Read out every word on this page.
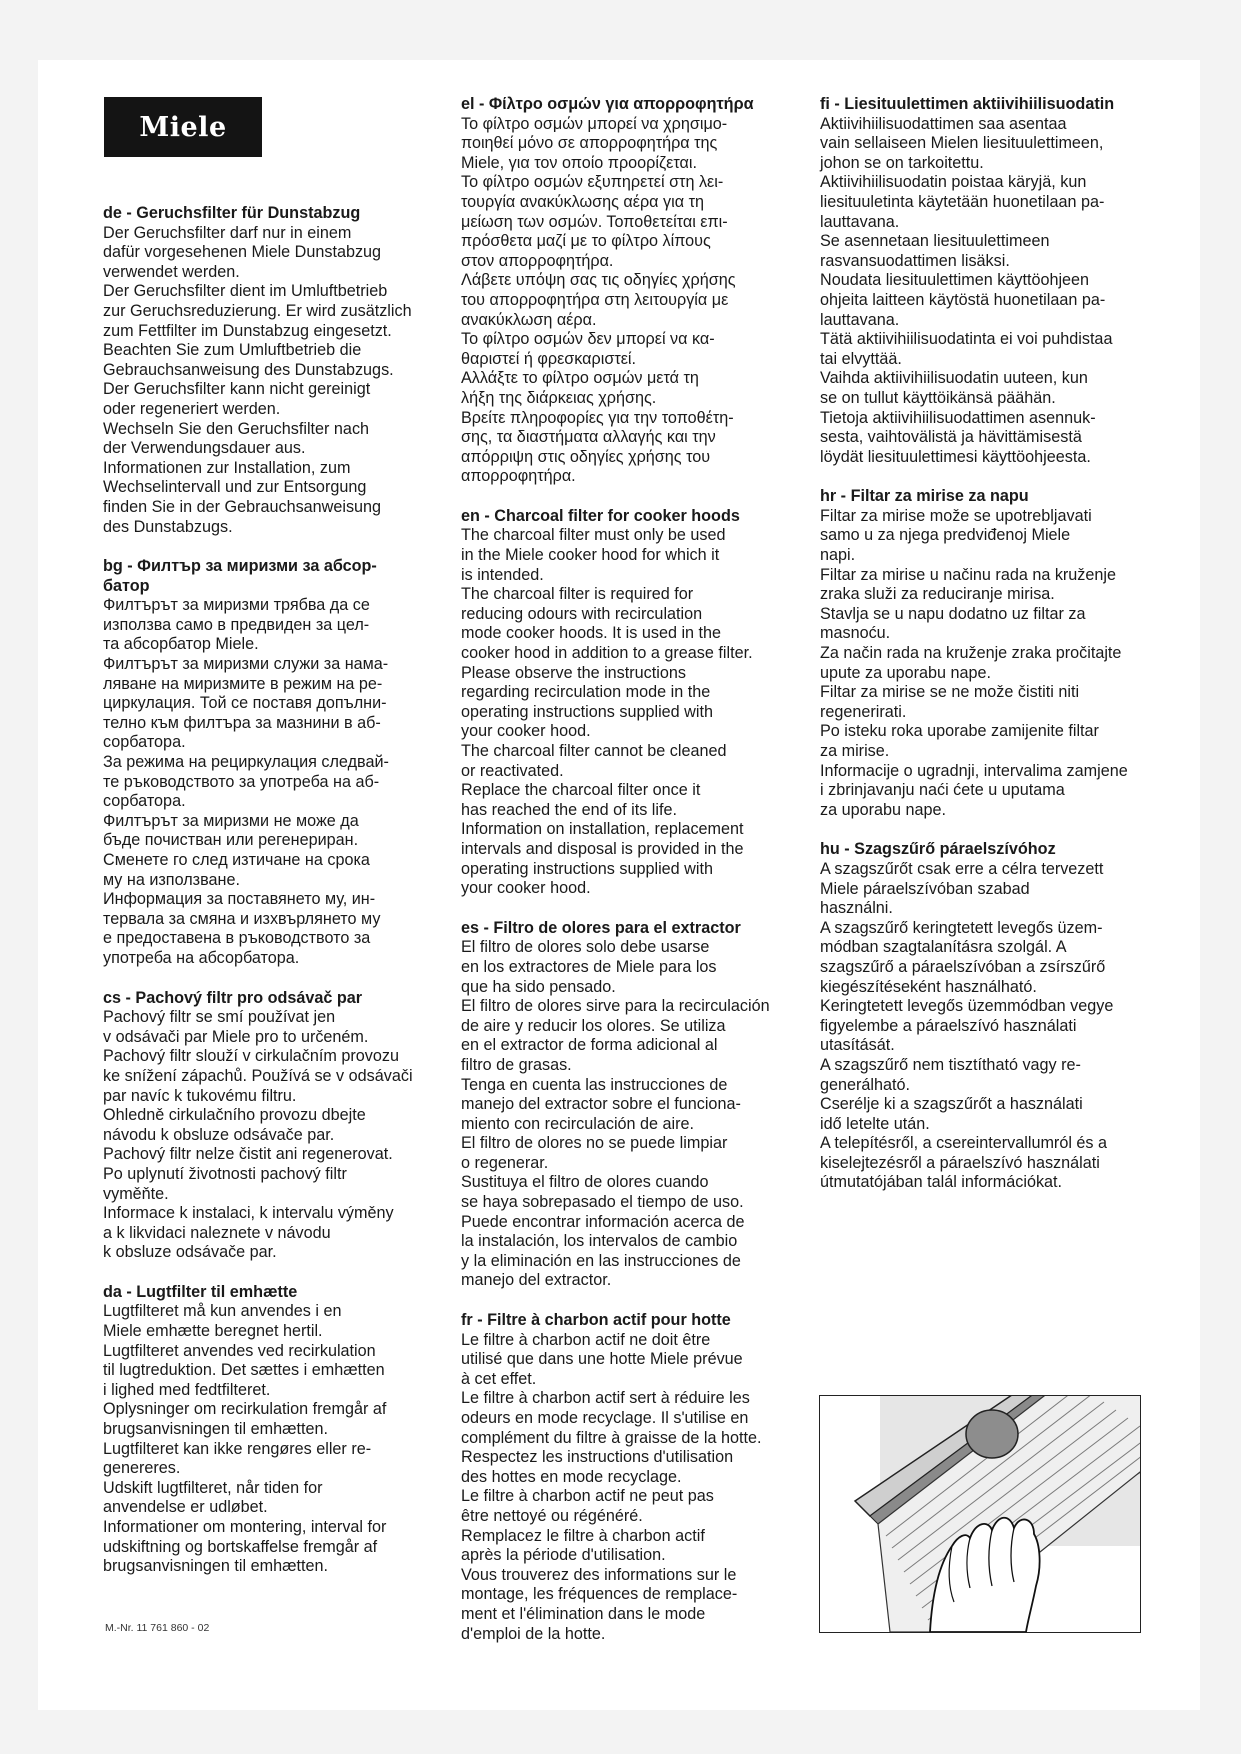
Miele
de - Geruchsfilter für Dunstabzug
Der Geruchsfilter darf nur in einem
dafür vorgesehenen Miele Dunstabzug
verwendet werden.
Der Geruchsfilter dient im Umluftbetrieb
zur Geruchsreduzierung. Er wird zusätzlich
zum Fettfilter im Dunstabzug eingesetzt.
Beachten Sie zum Umluftbetrieb die
Gebrauchsanweisung des Dunstabzugs.
Der Geruchsfilter kann nicht gereinigt
oder regeneriert werden.
Wechseln Sie den Geruchsfilter nach
der Verwendungsdauer aus.
Informationen zur Installation, zum
Wechselintervall und zur Entsorgung
finden Sie in der Gebrauchsanweisung
des Dunstabzugs.
bg - Филтър за миризми за абсор-
батор
Филтърът за миризми трябва да се
използва само в предвиден за цел-
та абсорбатор Miele.
Филтърът за миризми служи за нама-
ляване на миризмите в режим на ре-
циркулация. Той се поставя допълни-
телно към филтъра за мазнини в аб-
сорбатора.
За режима на рециркулация следвай-
те ръководството за употреба на аб-
сорбатора.
Филтърът за миризми не може да
бъде почистван или регенериран.
Сменете го след изтичане на срока
му на използване.
Информация за поставянето му, ин-
тервала за смяна и изхвърлянето му
е предоставена в ръководството за
употреба на абсорбатора.
cs - Pachový filtr pro odsávač par
Pachový filtr se smí používat jen
v odsávači par Miele pro to určeném.
Pachový filtr slouží v cirkulačním provozu
ke snížení zápachů. Používá se v odsávači
par navíc k tukovému filtru.
Ohledně cirkulačního provozu dbejte
návodu k obsluze odsávače par.
Pachový filtr nelze čistit ani regenerovat.
Po uplynutí životnosti pachový filtr
vyměňte.
Informace k instalaci, k intervalu výměny
a k likvidaci naleznete v návodu
k obsluze odsávače par.
da - Lugtfilter til emhætte
Lugtfilteret må kun anvendes i en
Miele emhætte beregnet hertil.
Lugtfilteret anvendes ved recirkulation
til lugtreduktion. Det sættes i emhætten
i lighed med fedtfilteret.
Oplysninger om recirkulation fremgår af
brugsanvisningen til emhætten.
Lugtfilteret kan ikke rengøres eller re-
genereres.
Udskift lugtfilteret, når tiden for
anvendelse er udløbet.
Informationer om montering, interval for
udskiftning og bortskaffelse fremgår af
brugsanvisningen til emhætten.
el - Φίλτρο οσμών για απορροφητήρα
Το φίλτρο οσμών μπορεί να χρησιμο-
ποιηθεί μόνο σε απορροφητήρα της
Miele, για τον οποίο προορίζεται.
Το φίλτρο οσμών εξυπηρετεί στη λει-
τουργία ανακύκλωσης αέρα για τη
μείωση των οσμών. Τοποθετείται επι-
πρόσθετα μαζί με το φίλτρο λίπους
στον απορροφητήρα.
Λάβετε υπόψη σας τις οδηγίες χρήσης
του απορροφητήρα στη λειτουργία με
ανακύκλωση αέρα.
Το φίλτρο οσμών δεν μπορεί να κα-
θαριστεί ή φρεσκαριστεί.
Αλλάξτε το φίλτρο οσμών μετά τη
λήξη της διάρκειας χρήσης.
Βρείτε πληροφορίες για την τοποθέτη-
σης, τα διαστήματα αλλαγής και την
απόρριψη στις οδηγίες χρήσης του
απορροφητήρα.
en - Charcoal filter for cooker hoods
The charcoal filter must only be used
in the Miele cooker hood for which it
is intended.
The charcoal filter is required for
reducing odours with recirculation
mode cooker hoods. It is used in the
cooker hood in addition to a grease filter.
Please observe the instructions
regarding recirculation mode in the
operating instructions supplied with
your cooker hood.
The charcoal filter cannot be cleaned
or reactivated.
Replace the charcoal filter once it
has reached the end of its life.
Information on installation, replacement
intervals and disposal is provided in the
operating instructions supplied with
your cooker hood.
es - Filtro de olores para el extractor
El filtro de olores solo debe usarse
en los extractores de Miele para los
que ha sido pensado.
El filtro de olores sirve para la recirculación
de aire y reducir los olores. Se utiliza
en el extractor de forma adicional al
filtro de grasas.
Tenga en cuenta las instrucciones de
manejo del extractor sobre el funciona-
miento con recirculación de aire.
El filtro de olores no se puede limpiar
o regenerar.
Sustituya el filtro de olores cuando
se haya sobrepasado el tiempo de uso.
Puede encontrar información acerca de
la instalación, los intervalos de cambio
y la eliminación en las instrucciones de
manejo del extractor.
fr - Filtre à charbon actif pour hotte
Le filtre à charbon actif ne doit être
utilisé que dans une hotte Miele prévue
à cet effet.
Le filtre à charbon actif sert à réduire les
odeurs en mode recyclage. Il s'utilise en
complément du filtre à graisse de la hotte.
Respectez les instructions d'utilisation
des hottes en mode recyclage.
Le filtre à charbon actif ne peut pas
être nettoyé ou régénéré.
Remplacez le filtre à charbon actif
après la période d'utilisation.
Vous trouverez des informations sur le
montage, les fréquences de remplace-
ment et l'élimination dans le mode
d'emploi de la hotte.
fi - Liesituulettimen aktiivihiilisuodatin
Aktiivihiilisuodattimen saa asentaa
vain sellaiseen Mielen liesituulettimeen,
johon se on tarkoitettu.
Aktiivihiilisuodatin poistaa käryjä, kun
liesituuletinta käytetään huonetilaan pa-
lauttavana.
Se asennetaan liesituulettimeen
rasvansuodattimen lisäksi.
Noudata liesituulettimen käyttöohjeen
ohjeita laitteen käytöstä huonetilaan pa-
lauttavana.
Tätä aktiivihiilisuodatinta ei voi puhdistaa
tai elvyttää.
Vaihda aktiivihiilisuodatin uuteen, kun
se on tullut käyttöikänsä päähän.
Tietoja aktiivihiilisuodattimen asennuk-
sesta, vaihtovälistä ja hävittämisestä
löydät liesituulettimesi käyttöohjeesta.
hr - Filtar za mirise za napu
Filtar za mirise može se upotrebljavati
samo u za njega predviđenoj Miele
napi.
Filtar za mirise u načinu rada na kruženje
zraka služi za reduciranje mirisa.
Stavlja se u napu dodatno uz filtar za
masnoću.
Za način rada na kruženje zraka pročitajte
upute za uporabu nape.
Filtar za mirise se ne može čistiti niti
regenerirati.
Po isteku roka uporabe zamijenite filtar
za mirise.
Informacije o ugradnji, intervalima zamjene
i zbrinjavanju naći ćete u uputama
za uporabu nape.
hu - Szagszűrő páraelszívóhoz
A szagszűrőt csak erre a célra tervezett
Miele páraelszívóban szabad
használni.
A szagszűrő keringtetett levegős üzem-
módban szagtalanításra szolgál. A
szagszűrő a páraelszívóban a zsírszűrő
kiegészítéseként használható.
Keringtetett levegős üzemmódban vegye
figyelembe a páraelszívó használati
utasítását.
A szagszűrő nem tisztítható vagy re-
generálható.
Cserélje ki a szagszűrőt a használati
idő letelte után.
A telepítésről, a csereintervallumról és a
kiselejtezésről a páraelszívó használati
útmutatójában talál információkat.
M.-Nr. 11 761 860 - 02
